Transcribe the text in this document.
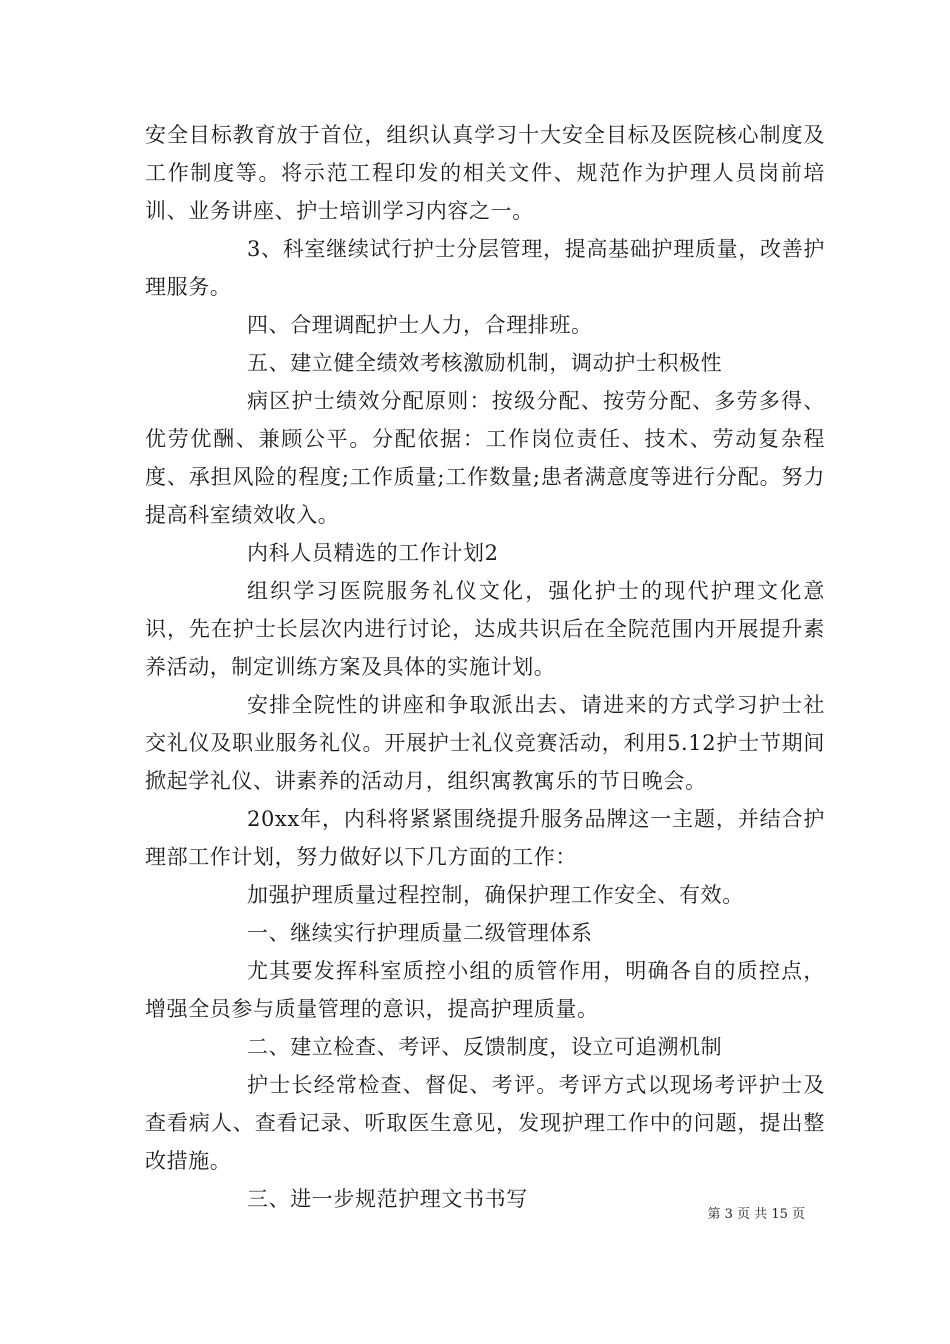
安全目标教育放于首位，组织认真学习十大安全目标及医院核心制度及工作制度等。将示范工程印发的相关文件、规范作为护理人员岗前培训、业务讲座、护士培训学习内容之一。

3、科室继续试行护士分层管理，提高基础护理质量，改善护理服务。

四、合理调配护士人力，合理排班。

五、建立健全绩效考核激励机制，调动护士积极性

病区护士绩效分配原则：按级分配、按劳分配、多劳多得、优劳优酬、兼顾公平。分配依据：工作岗位责任、技术、劳动复杂程度、承担风险的程度;工作质量;工作数量;患者满意度等进行分配。努力提高科室绩效收入。

内科人员精选的工作计划2

组织学习医院服务礼仪文化，强化护士的现代护理文化意识，先在护士长层次内进行讨论，达成共识后在全院范围内开展提升素养活动，制定训练方案及具体的实施计划。

安排全院性的讲座和争取派出去、请进来的方式学习护士社交礼仪及职业服务礼仪。开展护士礼仪竞赛活动，利用5.12护士节期间掀起学礼仪、讲素养的活动月，组织寓教寓乐的节日晚会。

20xx年，内科将紧紧围绕提升服务品牌这一主题，并结合护理部工作计划，努力做好以下几方面的工作：

加强护理质量过程控制，确保护理工作安全、有效。

一、继续实行护理质量二级管理体系

尤其要发挥科室质控小组的质管作用，明确各自的质控点，增强全员参与质量管理的意识，提高护理质量。

二、建立检查、考评、反馈制度，设立可追溯机制

护士长经常检查、督促、考评。考评方式以现场考评护士及查看病人、查看记录、听取医生意见，发现护理工作中的问题，提出整改措施。

三、进一步规范护理文书书写

第 3 页 共 15 页
